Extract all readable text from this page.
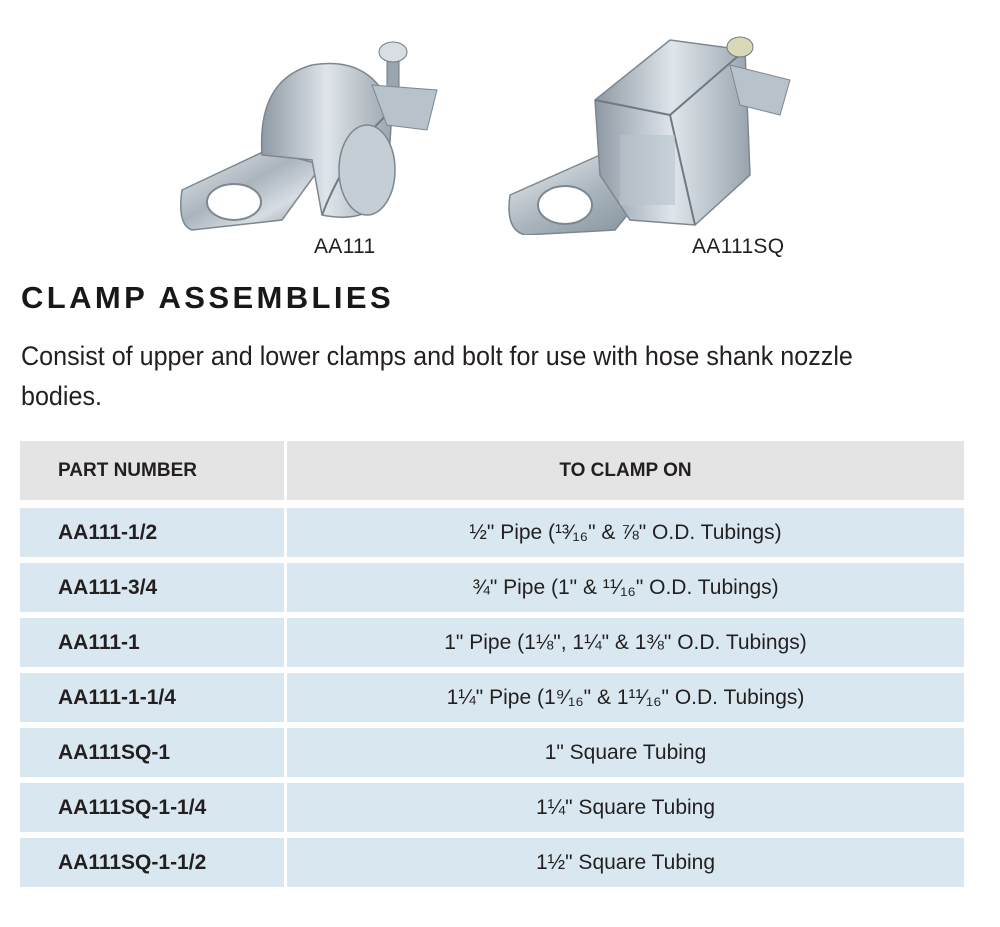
AA111	AA111SQ
CLAMP ASSEMBLIES
Consist of upper and lower clamps and bolt for use with hose shank nozzle bodies.
PART NUMBER	TO CLAMP ON
AA111-1/2	½" Pipe (¹³⁄₁₆" & ⅞" O.D. Tubings)
AA111-3/4	¾" Pipe (1" & ¹¹⁄₁₆" O.D. Tubings)
AA111-1	1" Pipe (1⅛", 1¼" & 1⅜" O.D. Tubings)
AA111-1-1/4	1¼" Pipe (1⁹⁄₁₆" & 1¹¹⁄₁₆" O.D. Tubings)
AA111SQ-1	1" Square Tubing
AA111SQ-1-1/4	1¼" Square Tubing
AA111SQ-1-1/2	1½" Square Tubing
